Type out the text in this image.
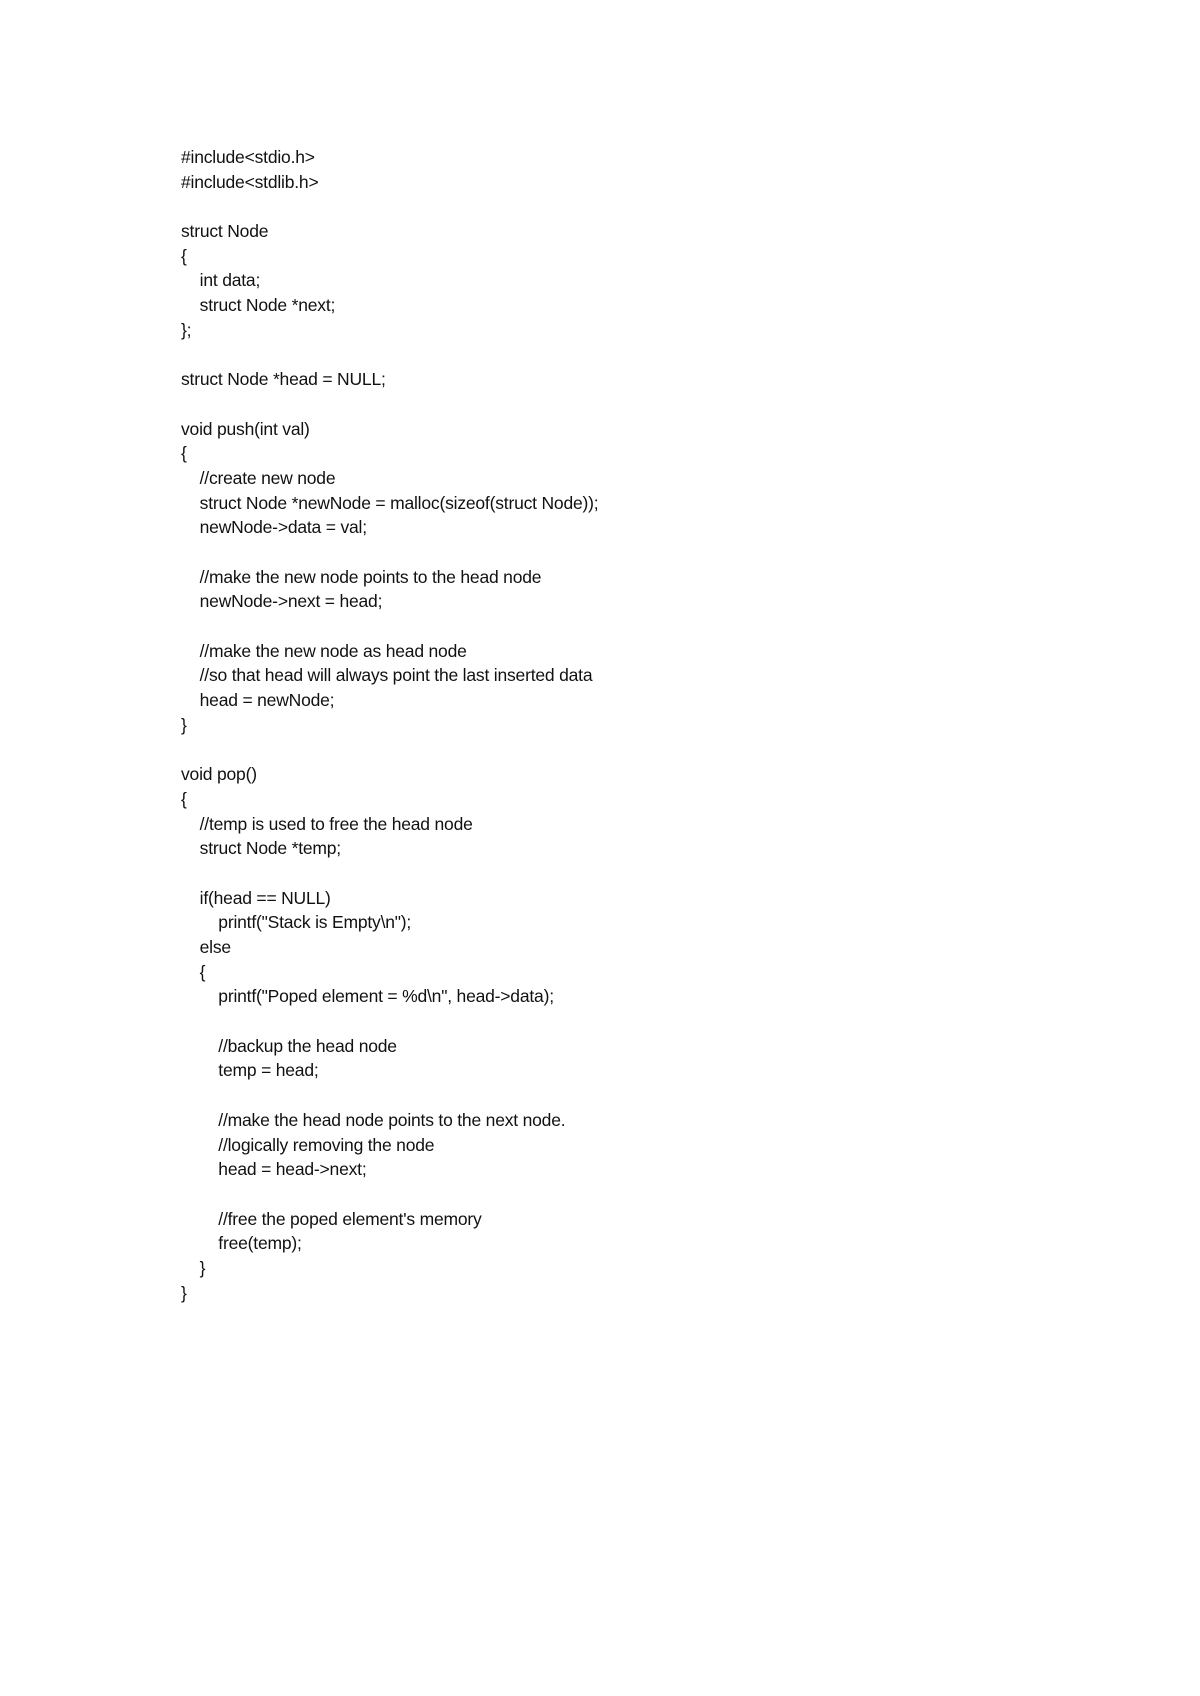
#include<stdio.h>
#include<stdlib.h>
struct Node
{
int data;
struct Node *next;
};
struct Node *head = NULL;
void push(int val)
{
//create new node
struct Node *newNode = malloc(sizeof(struct Node));
newNode->data = val;
//make the new node points to the head node
newNode->next = head;
//make the new node as head node
//so that head will always point the last inserted data
head = newNode;
}
void pop()
{
//temp is used to free the head node
struct Node *temp;
if(head == NULL)
printf("Stack is Empty\n");
else
{
printf("Poped element = %d\n", head->data);
//backup the head node
temp = head;
//make the head node points to the next node.
//logically removing the node
head = head->next;
//free the poped element's memory
free(temp);
}
}
